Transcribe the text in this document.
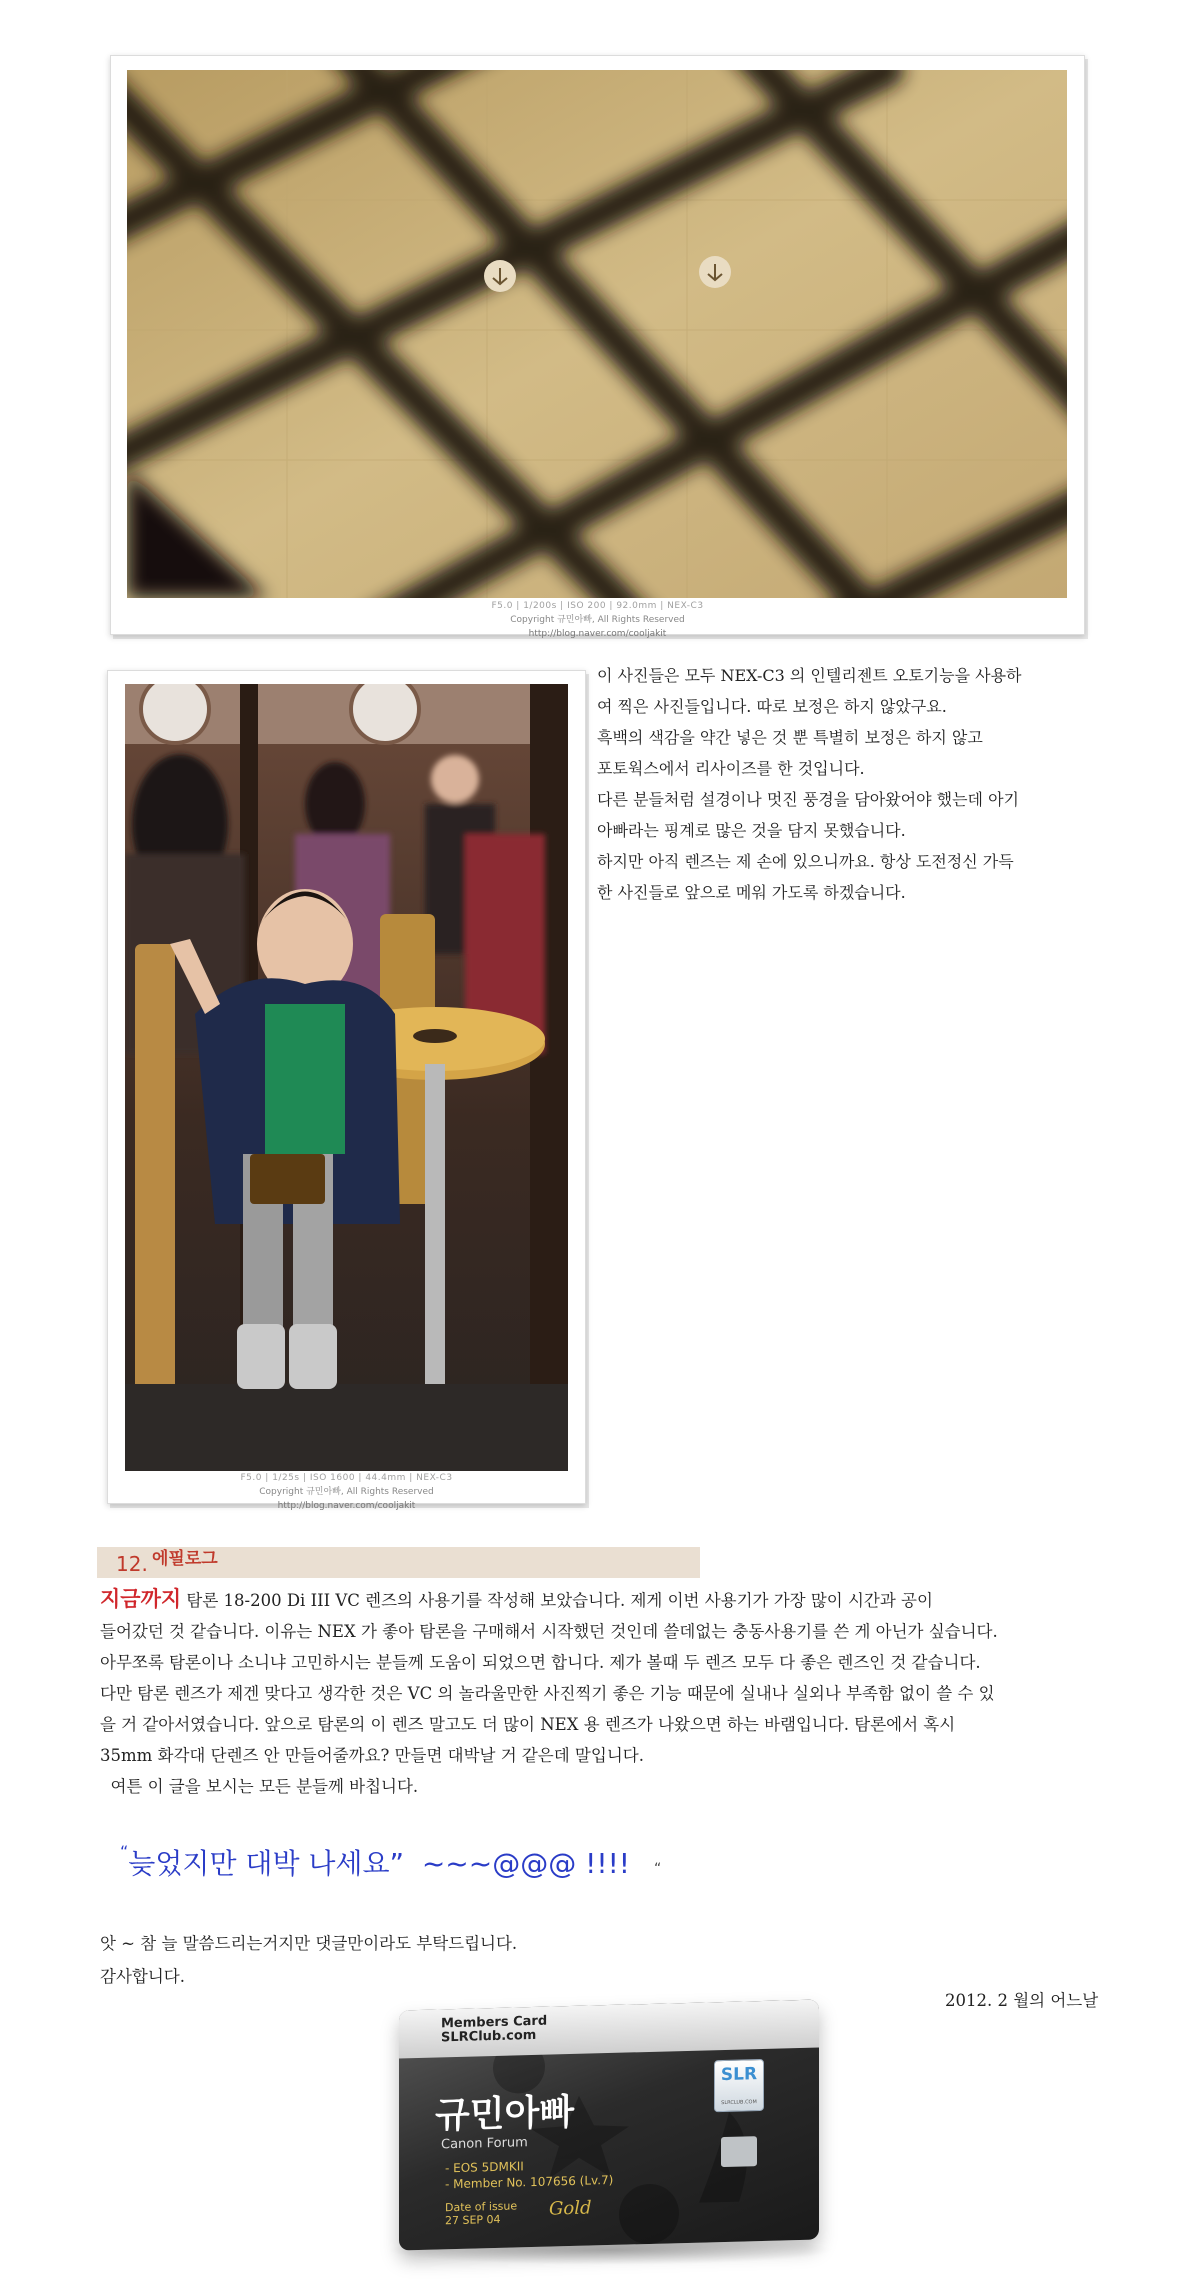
F5.0 | 1/200s | ISO 200 | 92.0mm | NEX-C3
Copyright 규민아빠, All Rights Reserved
http://blog.naver.com/cooljakit
F5.0 | 1/25s | ISO 1600 | 44.4mm | NEX-C3
Copyright 규민아빠, All Rights Reserved
http://blog.naver.com/cooljakit

이 사진들은 모두 NEX-C3 의 인텔리젠트 오토기능을 사용하

여 찍은 사진들입니다. 따로 보정은 하지 않았구요.

흑백의 색감을 약간 넣은 것 뿐 특별히 보정은 하지 않고

포토웍스에서 리사이즈를 한 것입니다.

다른 분들처럼 설경이나 멋진 풍경을 담아왔어야 했는데 아기

아빠라는 핑계로 많은 것을 담지 못했습니다.

하지만 아직 렌즈는 제 손에 있으니까요. 항상 도전정신 가득

한 사진들로 앞으로 메워 가도록 하겠습니다.

12. 에필로그

지금까지 탐론 18-200 Di III VC 렌즈의 사용기를 작성해 보았습니다. 제게 이번 사용기가 가장 많이 시간과 공이

들어갔던 것 같습니다. 이유는 NEX 가 좋아 탐론을 구매해서 시작했던 것인데 쓸데없는 충동사용기를 쓴 게 아닌가 싶습니다.

아무쪼록 탐론이나 소니냐 고민하시는 분들께 도움이 되었으면 합니다. 제가 볼때 두 렌즈 모두 다 좋은 렌즈인 것 같습니다.

다만 탐론 렌즈가 제겐 맞다고 생각한 것은 VC 의 놀라울만한 사진찍기 좋은 기능 때문에 실내나 실외나 부족함 없이 쓸 수 있

을 거 같아서였습니다. 앞으로 탐론의 이 렌즈 말고도 더 많이 NEX 용 렌즈가 나왔으면 하는 바램입니다. 탐론에서 혹시

35mm 화각대 단렌즈 안 만들어줄까요? 만들면 대박날 거 같은데 말입니다.

여튼 이 글을 보시는 모든 분들께 바칩니다.

“늦었지만 대박 나세요”  ~~~@@@ !!!! “

앗 ~ 참 늘 말씀드리는거지만 댓글만이라도 부탁드립니다.

감사합니다.

2012. 2 월의 어느날
Members Card
SLRClub.com
규민아빠
Canon Forum
- EOS 5DMKII
- Member No. 107656 (Lv.7)
Date of issue
27 SEP 04
Gold
SLR
SLRCLUB.COM
